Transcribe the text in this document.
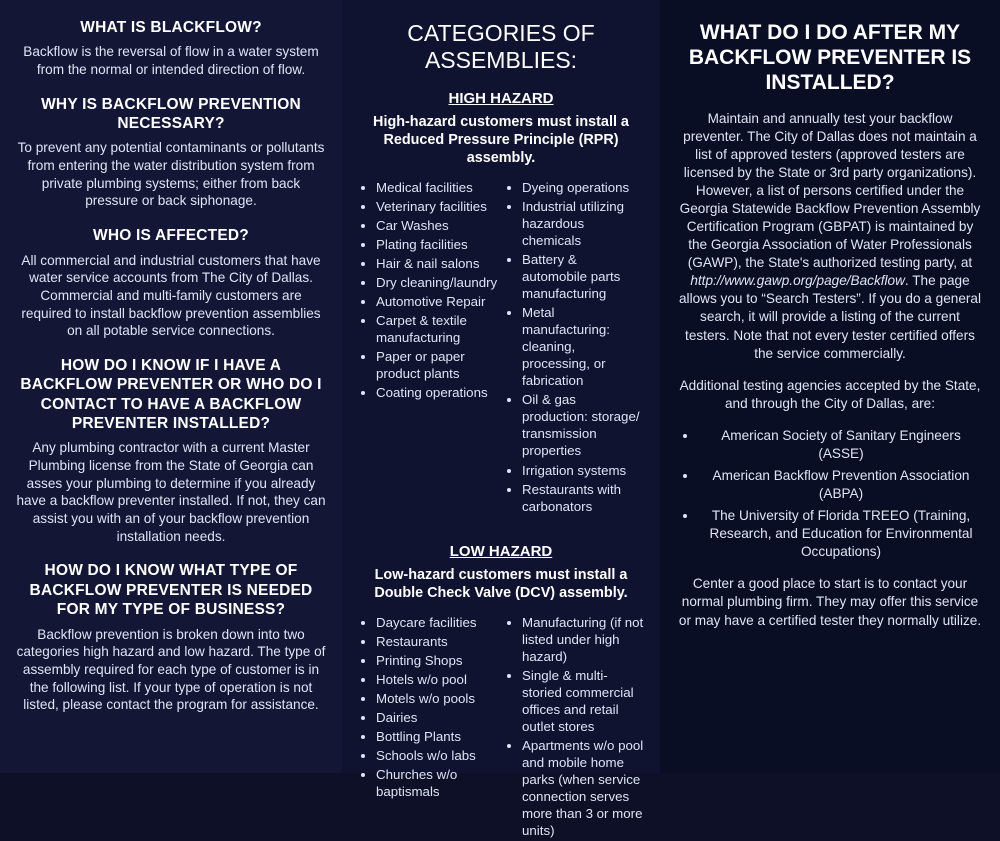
WHAT IS BLACKFLOW?

Backflow is the reversal of flow in a water system from the normal or intended direction of flow.

WHY IS BACKFLOW PREVENTION NECESSARY?

To prevent any potential contaminants or pollutants from entering the water distribution system from private plumbing systems; either from back pressure or back siphonage.

WHO IS AFFECTED?

All commercial and industrial customers that have water service accounts from The City of Dallas. Commercial and multi-family customers are required to install backflow prevention assemblies on all potable service connections.

HOW DO I KNOW IF I HAVE A BACKFLOW PREVENTER OR WHO DO I CONTACT TO HAVE A BACKFLOW PREVENTER INSTALLED?

Any plumbing contractor with a current Master Plumbing license from the State of Georgia can asses your plumbing to determine if you already have a backflow preventer installed. If not, they can assist you with an of your backflow prevention installation needs.

HOW DO I KNOW WHAT TYPE OF BACKFLOW PREVENTER IS NEEDED FOR MY TYPE OF BUSINESS?

Backflow prevention is broken down into two categories high hazard and low hazard. The type of assembly required for each type of customer is in the following list. If your type of operation is not listed, please contact the program for assistance.

CATEGORIES OF ASSEMBLIES:
HIGH HAZARD
High-hazard customers must install a Reduced Pressure Principle (RPR) assembly.
• Medical facilities
• Veterinary facilities
• Car Washes
• Plating facilities
• Hair & nail salons
• Dry cleaning/laundry
• Automotive Repair
• Carpet & textile manufacturing
• Paper or paper product plants
• Coating operations
• Dyeing operations
• Industrial utilizing hazardous chemicals
• Battery & automobile parts manufacturing
• Metal manufacturing: cleaning, processing, or fabrication
• Oil & gas production: storage/ transmission properties
• Irrigation systems
• Restaurants with carbonators
LOW HAZARD
Low-hazard customers must install a Double Check Valve (DCV) assembly.
• Daycare facilities
• Restaurants
• Printing Shops
• Hotels w/o pool
• Motels w/o pools
• Dairies
• Bottling Plants
• Schools w/o labs
• Churches w/o baptismals
• Manufacturing (if not listed under high hazard)
• Single & multi-storied commercial offices and retail outlet stores
• Apartments w/o pool and mobile home parks (when service connection serves more than 3 or more units)
WHAT DO I DO AFTER MY BACKFLOW PREVENTER IS INSTALLED?

Maintain and annually test your backflow preventer. The City of Dallas does not maintain a list of approved testers (approved testers are licensed by the State or 3rd party organizations). However, a list of persons certified under the Georgia Statewide Backflow Prevention Assembly Certification Program (GBPAT) is maintained by the Georgia Association of Water Professionals (GAWP), the State's authorized testing party, at http://www.gawp.org/page/Backflow. The page allows you to “Search Testers”. If you do a general search, it will provide a listing of the current testers. Note that not every tester certified offers the service commercially.

Additional testing agencies accepted by the State, and through the City of Dallas, are:

• American Society of Sanitary Engineers (ASSE)
• American Backflow Prevention Association (ABPA)
• The University of Florida TREEO (Training, Research, and Education for Environmental Occupations)

Center a good place to start is to contact your normal plumbing firm. They may offer this service or may have a certified tester they normally utilize.
